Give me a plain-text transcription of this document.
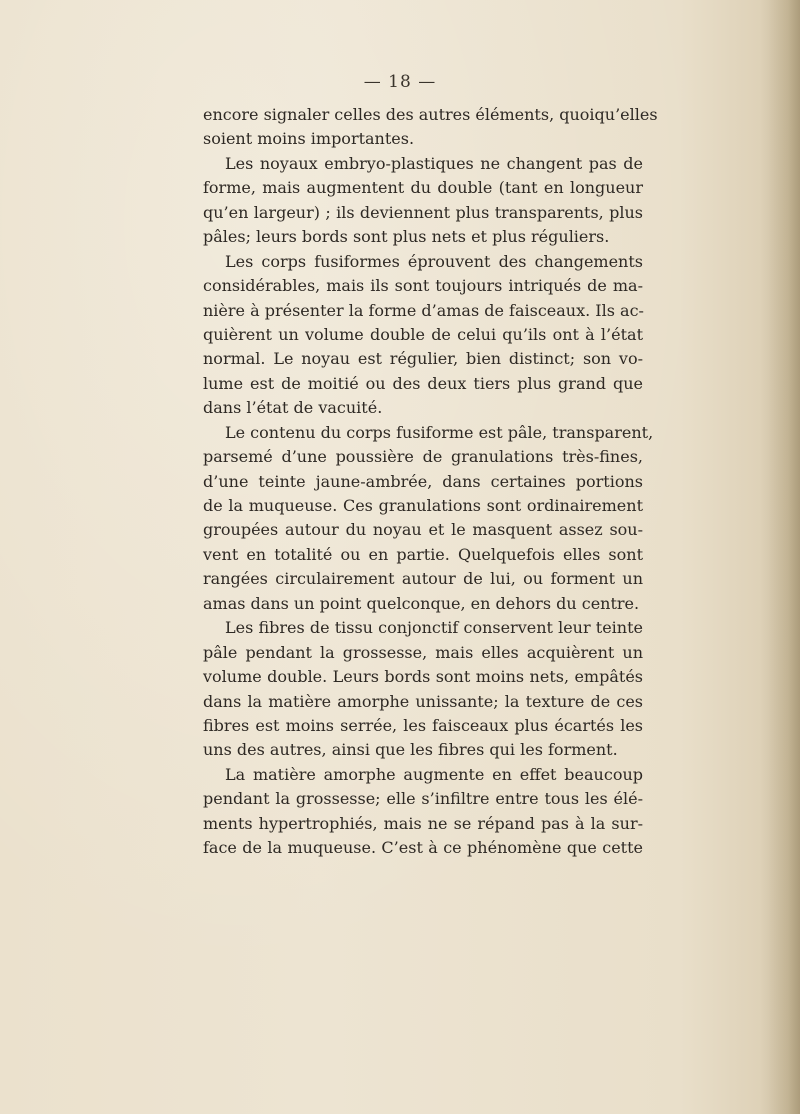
— 18 —
encore signaler celles des autres éléments, quoiqu’elles
soient moins importantes.
Les noyaux embryo-plastiques ne changent pas de
forme, mais augmentent du double (tant en longueur
qu’en largeur) ; ils deviennent plus transparents, plus
pâles; leurs bords sont plus nets et plus réguliers.
Les corps fusiformes éprouvent des changements
considérables, mais ils sont toujours intriqués de ma-
nière à présenter la forme d’amas de faisceaux. Ils ac-
quièrent un volume double de celui qu’ils ont à l’état
normal. Le noyau est régulier, bien distinct; son vo-
lume est de moitié ou des deux tiers plus grand que
dans l’état de vacuité.
Le contenu du corps fusiforme est pâle, transparent,
parsemé d’une poussière de granulations très-fines,
d’une teinte jaune-ambrée, dans certaines portions
de la muqueuse. Ces granulations sont ordinairement
groupées autour du noyau et le masquent assez sou-
vent en totalité ou en partie. Quelquefois elles sont
rangées circulairement autour de lui, ou forment un
amas dans un point quelconque, en dehors du centre.
Les fibres de tissu conjonctif conservent leur teinte
pâle pendant la grossesse, mais elles acquièrent un
volume double. Leurs bords sont moins nets, empâtés
dans la matière amorphe unissante; la texture de ces
fibres est moins serrée, les faisceaux plus écartés les
uns des autres, ainsi que les fibres qui les forment.
La matière amorphe augmente en effet beaucoup
pendant la grossesse; elle s’infiltre entre tous les élé-
ments hypertrophiés, mais ne se répand pas à la sur-
face de la muqueuse. C’est à ce phénomène que cette
